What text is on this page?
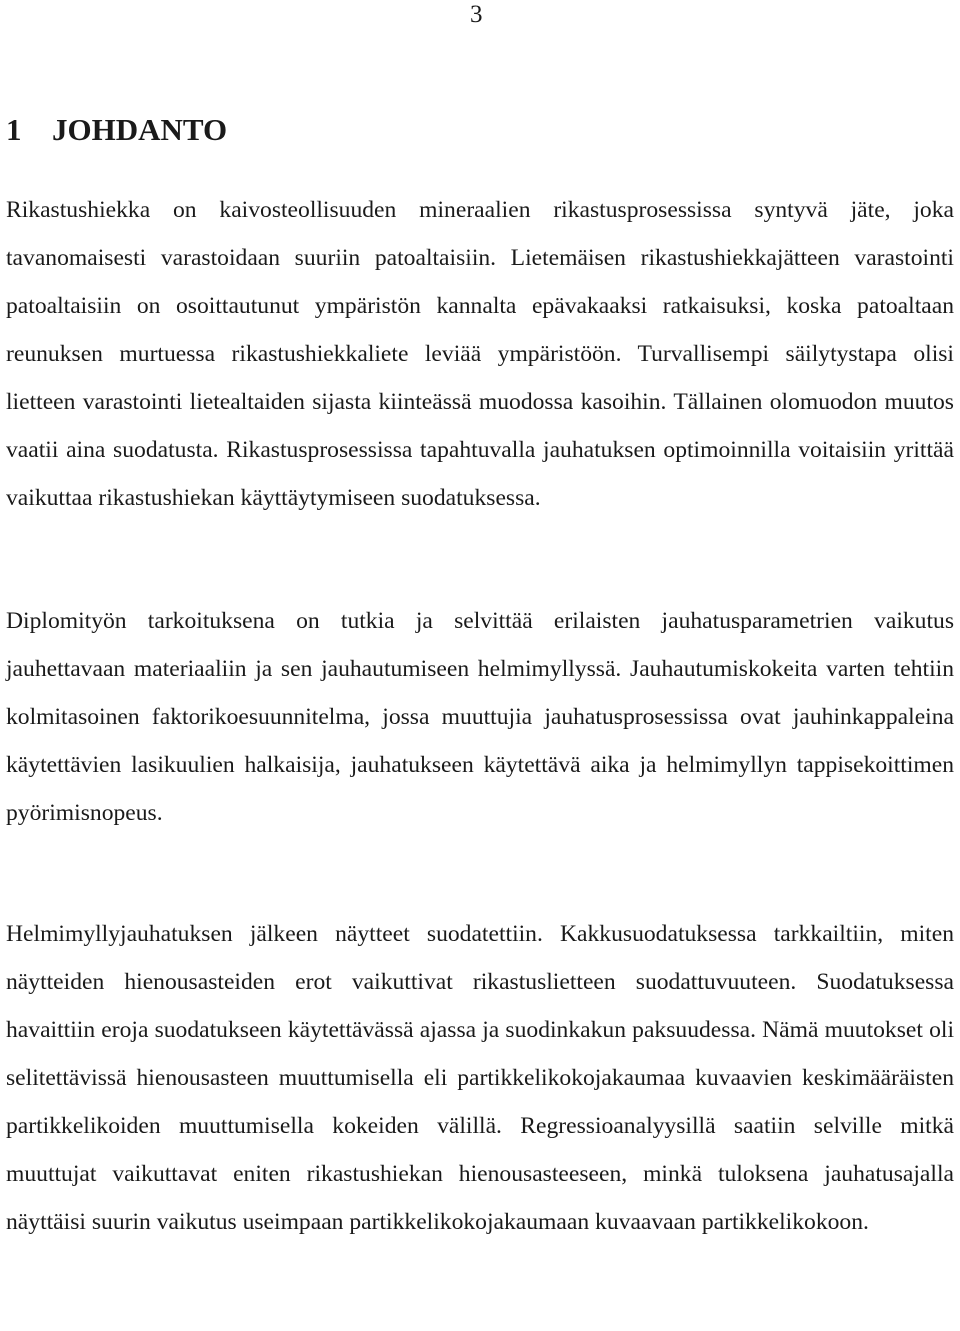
3
1 JOHDANTO

Rikastushiekka on kaivosteollisuuden mineraalien rikastusprosessissa syntyvä jäte, joka tavanomaisesti varastoidaan suuriin patoaltaisiin. Lietemäisen rikastushiekkajätteen varastointi patoaltaisiin on osoittautunut ympäristön kannalta epävakaaksi ratkaisuksi, koska patoaltaan reunuksen murtuessa rikastushiekkaliete leviää ympäristöön. Turvallisempi säilytystapa olisi lietteen varastointi lietealtaiden sijasta kiinteässä muodossa kasoihin. Tällainen olomuodon muutos vaatii aina suodatusta. Rikastusprosessissa tapahtuvalla jauhatuksen optimoinnilla voitaisiin yrittää vaikuttaa rikastushiekan käyttäytymiseen suodatuksessa.

Diplomityön tarkoituksena on tutkia ja selvittää erilaisten jauhatusparametrien vaikutus jauhettavaan materiaaliin ja sen jauhautumiseen helmimyllyssä. Jauhautumiskokeita varten tehtiin kolmitasoinen faktorikoesuunnitelma, jossa muuttujia jauhatusprosessissa ovat jauhinkappaleina käytettävien lasikuulien halkaisija, jauhatukseen käytettävä aika ja helmimyllyn tappisekoittimen pyörimisnopeus.

Helmimyllyjauhatuksen jälkeen näytteet suodatettiin. Kakkusuodatuksessa tarkkailtiin, miten näytteiden hienousasteiden erot vaikuttivat rikastuslietteen suodattuvuuteen. Suodatuksessa havaittiin eroja suodatukseen käytettävässä ajassa ja suodinkakun paksuudessa. Nämä muutokset oli selitettävissä hienousasteen muuttumisella eli partikkelikokojakaumaa kuvaavien keskimääräisten partikkelikoiden muuttumisella kokeiden välillä. Regressioanalyysillä saatiin selville mitkä muuttujat vaikuttavat eniten rikastushiekan hienousasteeseen, minkä tuloksena jauhatusajalla näyttäisi suurin vaikutus useimpaan partikkelikokojakaumaan kuvaavaan partikkelikokoon.
